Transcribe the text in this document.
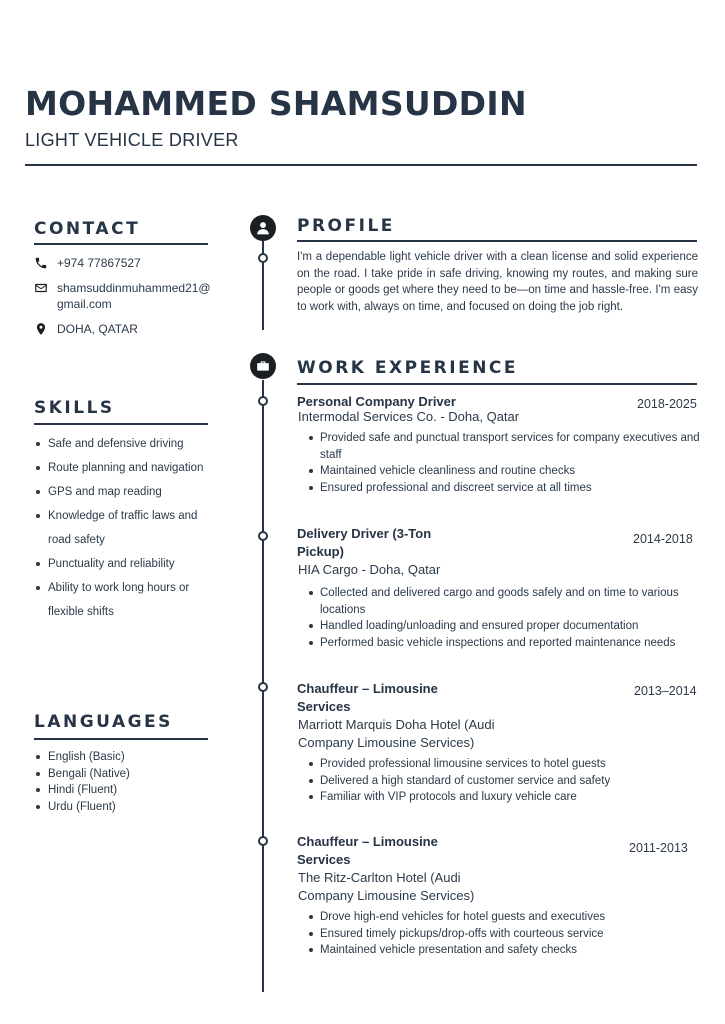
MOHAMMED SHAMSUDDIN
LIGHT VEHICLE DRIVER
CONTACT
+974 77867527
shamsuddinmuhammed21@
gmail.com
DOHA, QATAR
SKILLS
Safe and defensive driving
Route planning and navigation
GPS and map reading
Knowledge of traffic laws and road safety
Punctuality and reliability
Ability to work long hours or flexible shifts
LANGUAGES
English (Basic)
Bengali (Native)
Hindi (Fluent)
Urdu (Fluent)
PROFILE
I'm a dependable light vehicle driver with a clean license and solid experience on the road. I take pride in safe driving, knowing my routes, and making sure people or goods get where they need to be—on time and hassle-free. I'm easy to work with, always on time, and focused on doing the job right.
WORK EXPERIENCE
Personal Company Driver	2018-2025
Intermodal Services Co. - Doha, Qatar
Provided safe and punctual transport services for company executives and staff
Maintained vehicle cleanliness and routine checks
Ensured professional and discreet service at all times
Delivery Driver (3-Ton Pickup)
2014-2018
HIA Cargo - Doha, Qatar
Collected and delivered cargo and goods safely and on time to various locations
Handled loading/unloading and ensured proper documentation
Performed basic vehicle inspections and reported maintenance needs
Chauffeur – Limousine Services
2013–2014
Marriott Marquis Doha Hotel (Audi Company Limousine Services)
Provided professional limousine services to hotel guests
Delivered a high standard of customer service and safety
Familiar with VIP protocols and luxury vehicle care
Chauffeur – Limousine Services
2011-2013
The Ritz-Carlton Hotel (Audi Company Limousine Services)
Drove high-end vehicles for hotel guests and executives
Ensured timely pickups/drop-offs with courteous service
Maintained vehicle presentation and safety checks
